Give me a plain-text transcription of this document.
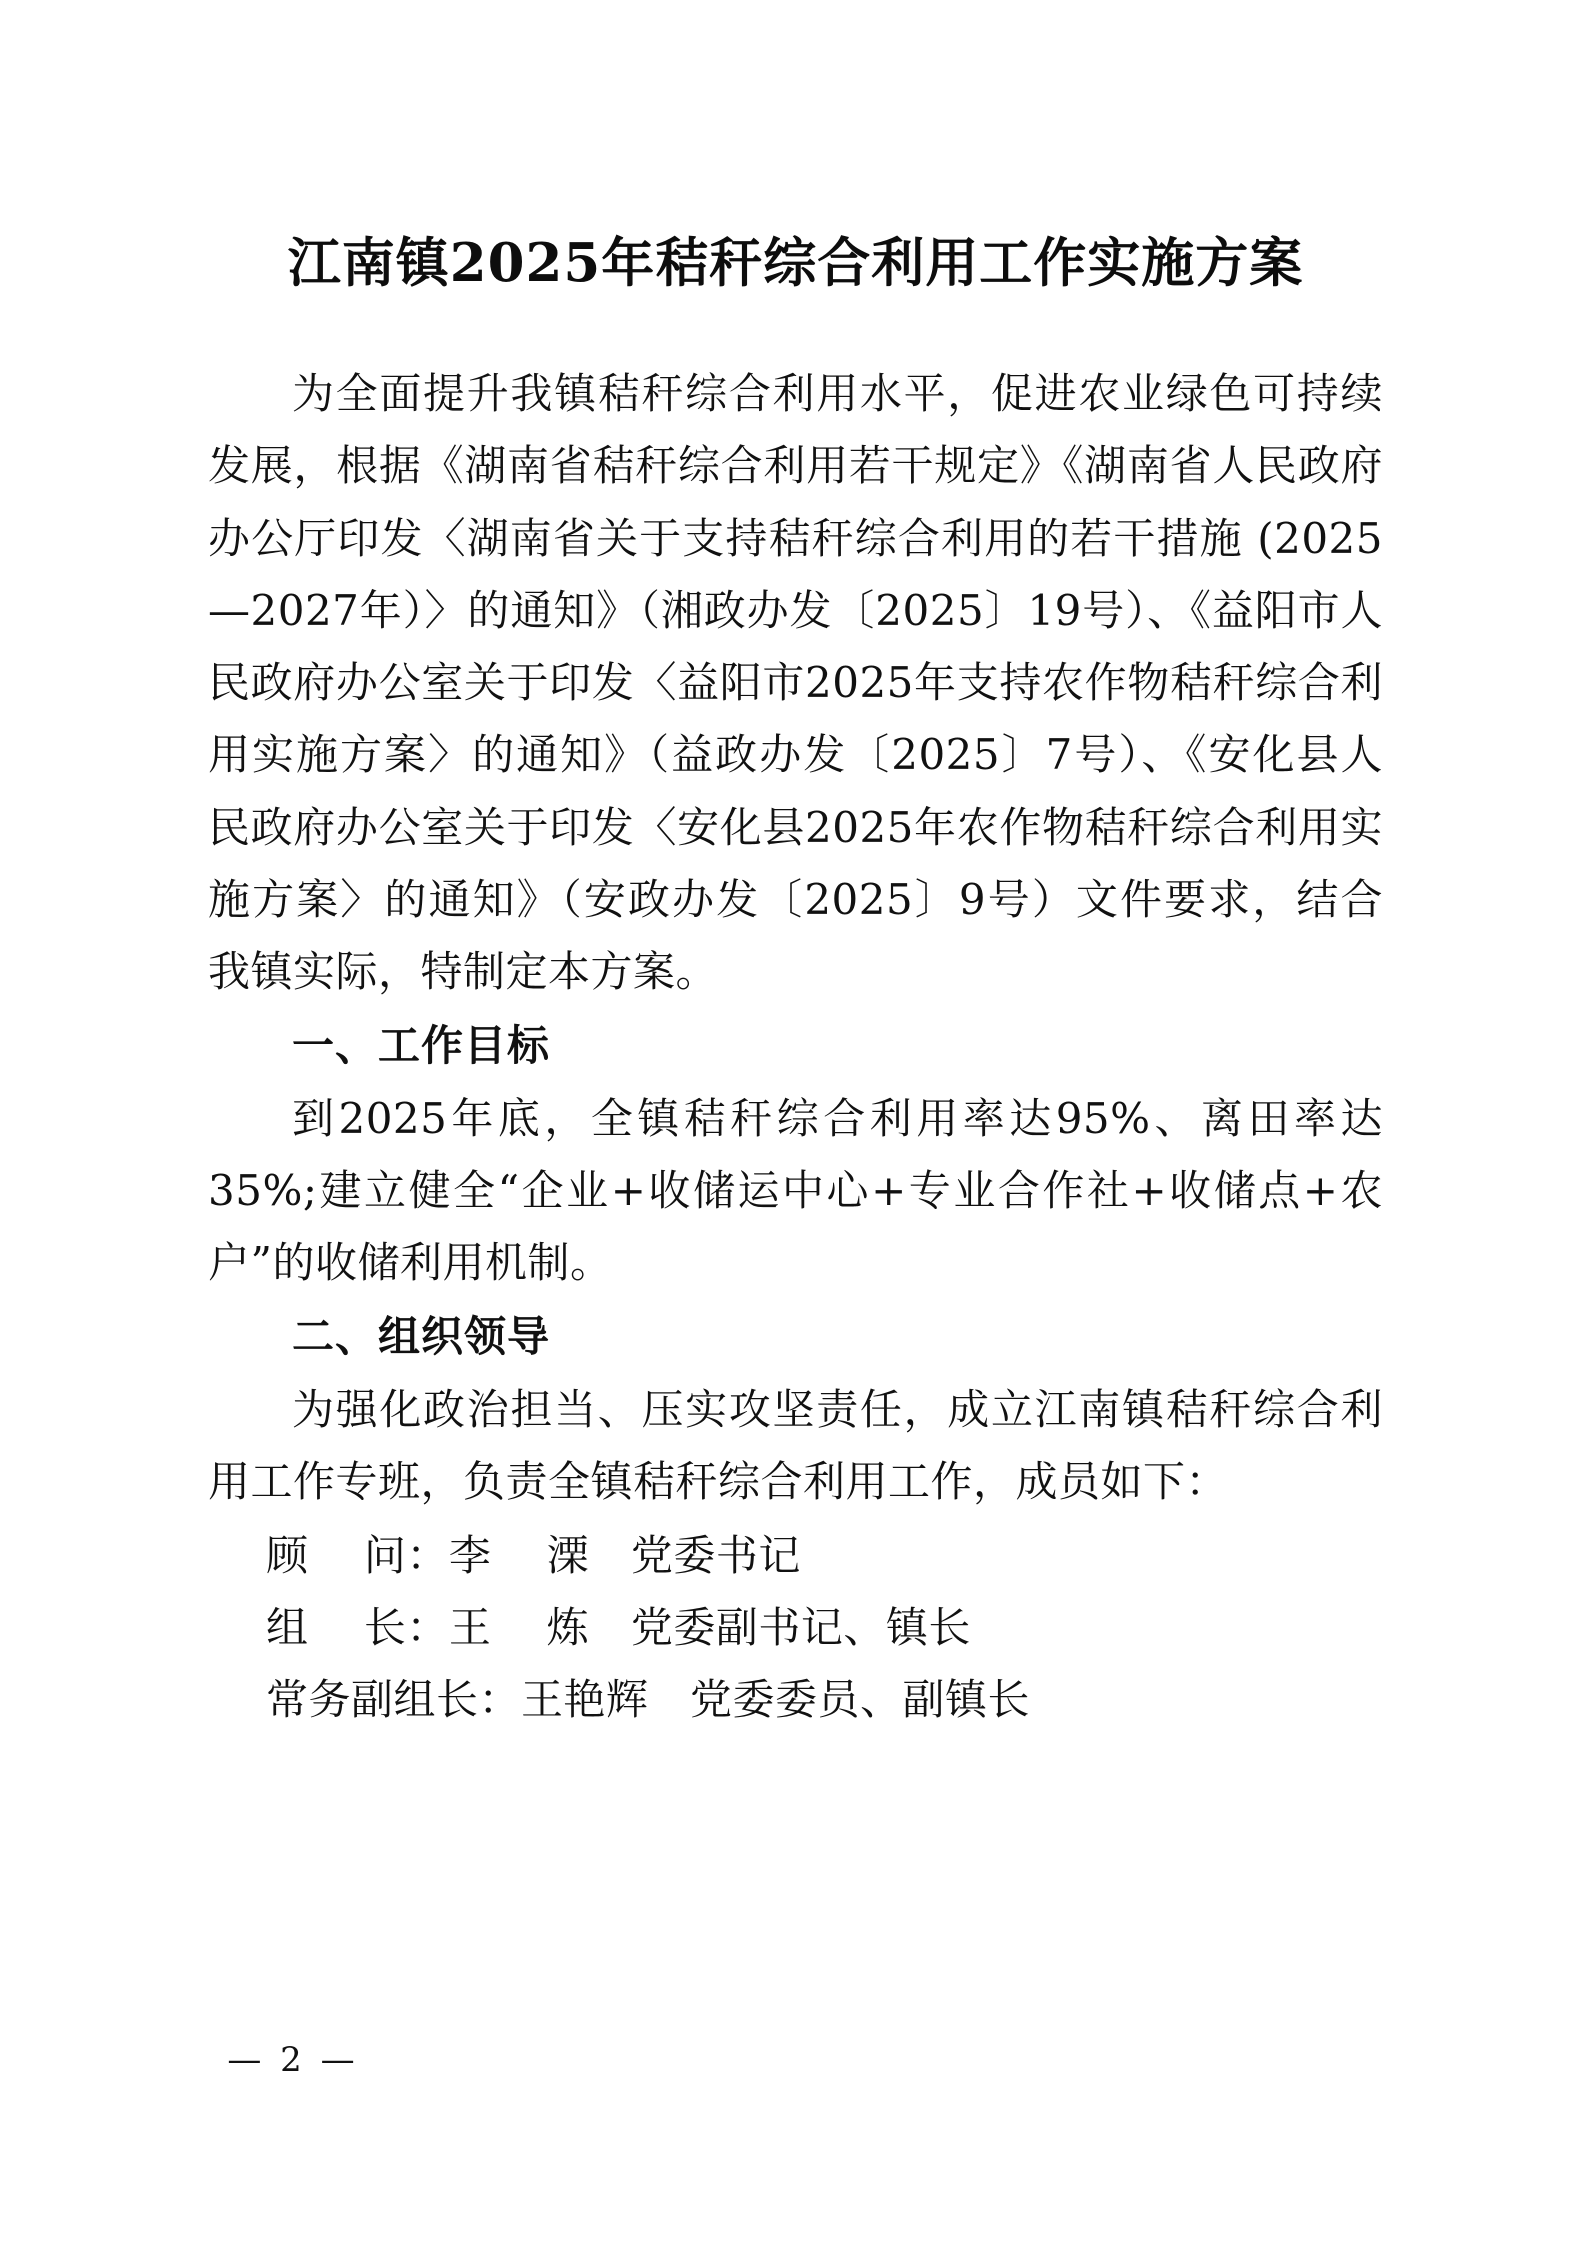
江南镇2025年秸秆综合利用工作实施方案

为全面提升我镇秸秆综合利用水平，促进农业绿色可持续发展，根据《湖南省秸秆综合利用若干规定》《湖南省人民政府办公厅印发〈湖南省关于支持秸秆综合利用的若干措施 (2025—2027年）〉的通知》（湘政办发〔2025〕19号）、《益阳市人民政府办公室关于印发〈益阳市2025年支持农作物秸秆综合利用实施方案〉的通知》（益政办发〔2025〕7号）、《安化县人民政府办公室关于印发〈安化县2025年农作物秸秆综合利用实施方案〉的通知》（安政办发〔2025〕9号）文件要求，结合我镇实际，特制定本方案。

一、工作目标

到2025年底，全镇秸秆综合利用率达95%、离田率达35%;建立健全“企业+收储运中心+专业合作社+收储点+农户”的收储利用机制。

二、组织领导

为强化政治担当、压实攻坚责任，成立江南镇秸秆综合利用工作专班，负责全镇秸秆综合利用工作，成员如下：

顾    问：李    溧   党委书记

组    长：王    炼   党委副书记、镇长

常务副组长：王艳辉   党委委员、副镇长

— 2 —
